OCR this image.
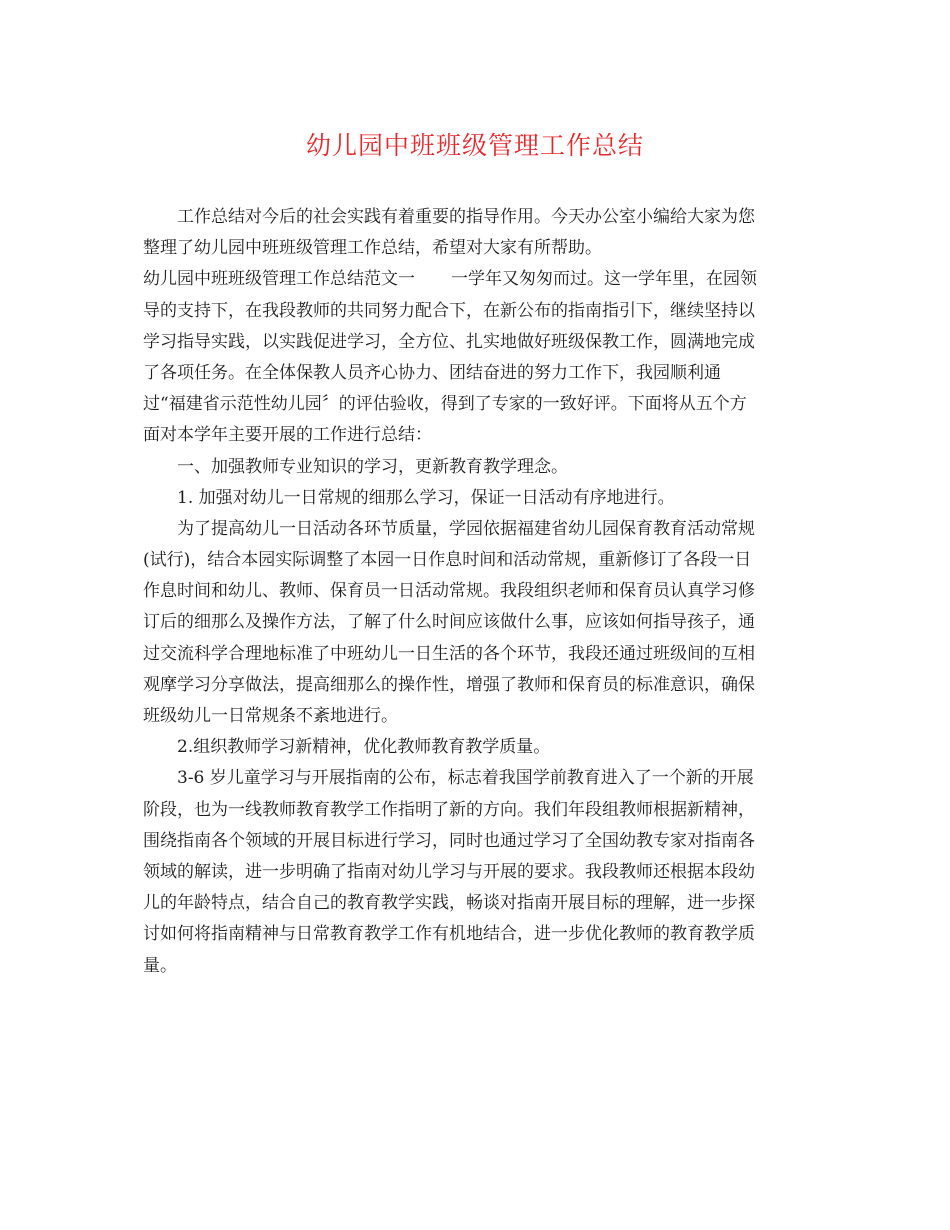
幼儿园中班班级管理工作总结
工作总结对今后的社会实践有着重要的指导作用。今天办公室小编给大家为您
整理了幼儿园中班班级管理工作总结，希望对大家有所帮助。
幼儿园中班班级管理工作总结范文一 一学年又匆匆而过。这一学年里，在园领
导的支持下，在我段教师的共同努力配合下，在新公布的指南指引下，继续坚持以
学习指导实践，以实践促进学习，全方位、扎实地做好班级保教工作，圆满地完成
了各项任务。在全体保教人员齐心协力、团结奋进的努力工作下，我园顺利通
过“福建省示范性幼儿园〞的评估验收，得到了专家的一致好评。下面将从五个方
面对本学年主要开展的工作进行总结：
一、加强教师专业知识的学习，更新教育教学理念。
1. 加强对幼儿一日常规的细那么学习，保证一日活动有序地进行。
为了提高幼儿一日活动各环节质量，学园依据福建省幼儿园保育教育活动常规
(试行)，结合本园实际调整了本园一日作息时间和活动常规，重新修订了各段一日
作息时间和幼儿、教师、保育员一日活动常规。我段组织老师和保育员认真学习修
订后的细那么及操作方法，了解了什么时间应该做什么事，应该如何指导孩子，通
过交流科学合理地标准了中班幼儿一日生活的各个环节，我段还通过班级间的互相
观摩学习分享做法，提高细那么的操作性，增强了教师和保育员的标准意识，确保
班级幼儿一日常规条不紊地进行。
2.组织教师学习新精神，优化教师教育教学质量。
3-6 岁儿童学习与开展指南的公布，标志着我国学前教育进入了一个新的开展
阶段，也为一线教师教育教学工作指明了新的方向。我们年段组教师根据新精神，
围绕指南各个领域的开展目标进行学习，同时也通过学习了全国幼教专家对指南各
领域的解读，进一步明确了指南对幼儿学习与开展的要求。我段教师还根据本段幼
儿的年龄特点，结合自己的教育教学实践，畅谈对指南开展目标的理解，进一步探
讨如何将指南精神与日常教育教学工作有机地结合，进一步优化教师的教育教学质
量。
